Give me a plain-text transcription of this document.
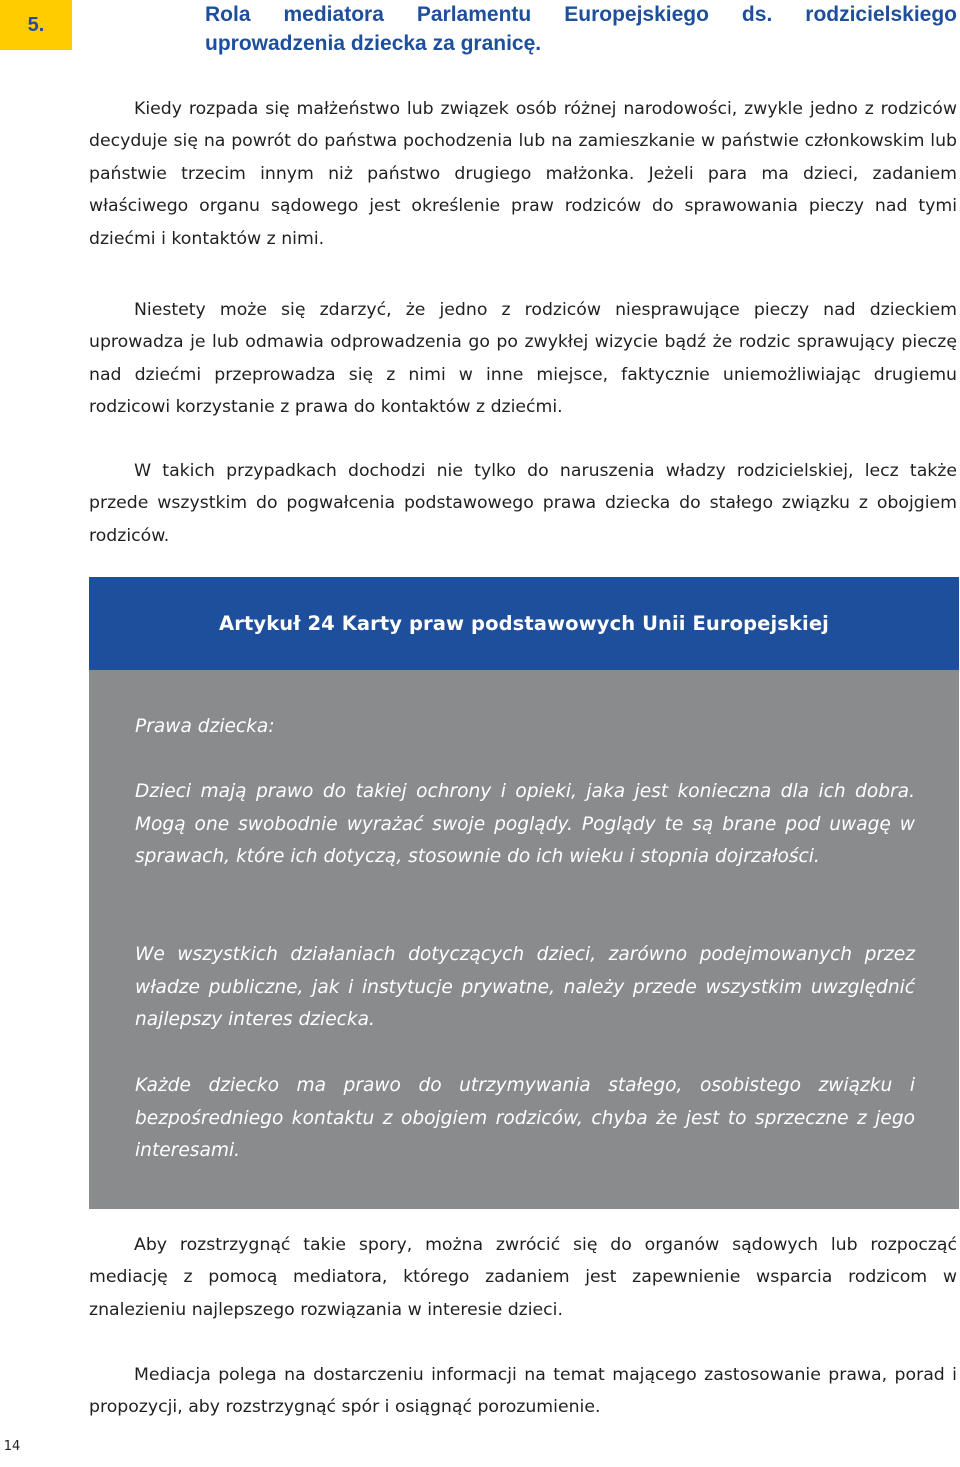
5.	Rola mediatora Parlamentu Europejskiego ds. rodzicielskiego uprowadzenia dziecka za granicę.

Kiedy rozpada się małżeństwo lub związek osób różnej narodowości, zwykle jedno z rodziców decyduje się na powrót do państwa pochodzenia lub na zamieszkanie w państwie członkowskim lub państwie trzecim innym niż państwo drugiego małżonka. Jeżeli para ma dzieci, zadaniem właściwego organu sądowego jest określenie praw rodziców do sprawowania pieczy nad tymi dziećmi i kontaktów z nimi.

Niestety może się zdarzyć, że jedno z rodziców niesprawujące pieczy nad dzieckiem uprowadza je lub odmawia odprowadzenia go po zwykłej wizycie bądź że rodzic sprawujący pieczę nad dziećmi przeprowadza się z nimi w inne miejsce, faktycznie uniemożliwiając drugiemu rodzicowi korzystanie z prawa do kontaktów z dziećmi.

W takich przypadkach dochodzi nie tylko do naruszenia władzy rodzicielskiej, lecz także przede wszystkim do pogwałcenia podstawowego prawa dziecka do stałego związku z obojgiem rodziców.

Artykuł 24 Karty praw podstawowych Unii Europejskiej

Prawa dziecka:

Dzieci mają prawo do takiej ochrony i opieki, jaka jest konieczna dla ich dobra. Mogą one swobodnie wyrażać swoje poglądy. Poglądy te są brane pod uwagę w sprawach, które ich dotyczą, stosownie do ich wieku i stopnia dojrzałości.

We wszystkich działaniach dotyczących dzieci, zarówno podejmowanych przez władze publiczne, jak i instytucje prywatne, należy przede wszystkim uwzględnić najlepszy interes dziecka.

Każde dziecko ma prawo do utrzymywania stałego, osobistego związku i bezpośredniego kontaktu z obojgiem rodziców, chyba że jest to sprzeczne z jego interesami.

Aby rozstrzygnąć takie spory, można zwrócić się do organów sądowych lub rozpocząć mediację z pomocą mediatora, którego zadaniem jest zapewnienie wsparcia rodzicom w znalezieniu najlepszego rozwiązania w interesie dzieci.

Mediacja polega na dostarczeniu informacji na temat mającego zastosowanie prawa, porad i propozycji, aby rozstrzygnąć spór i osiągnąć porozumienie.

14
